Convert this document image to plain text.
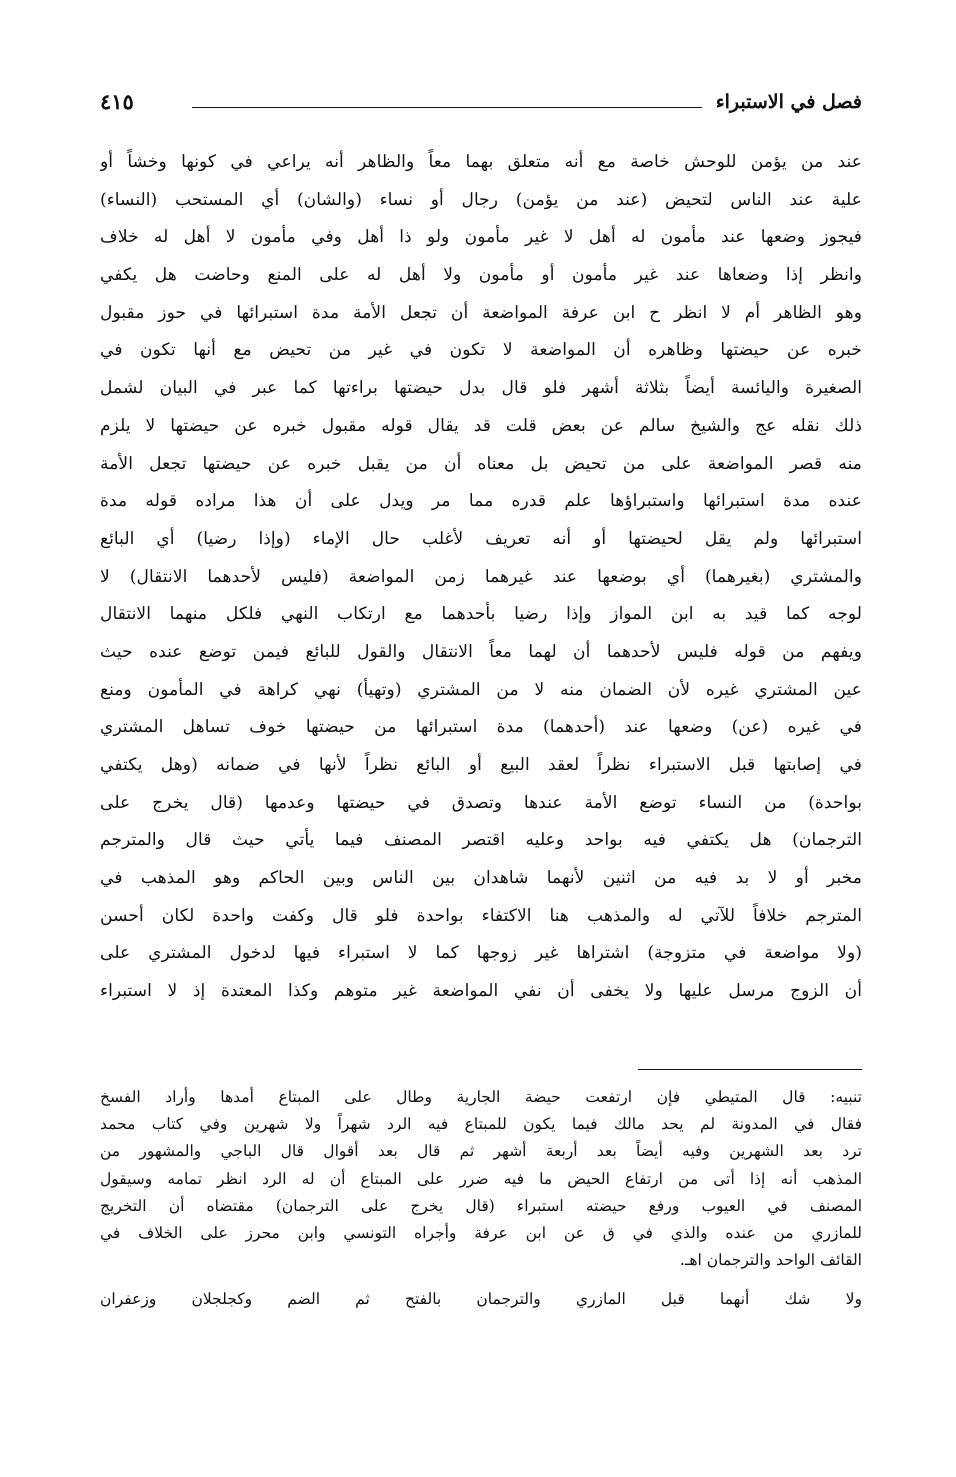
فصل في الاستبراء
٤١٥
عند من يؤمن للوحش خاصة مع أنه متعلق بهما معاً والظاهر أنه يراعي في كونها وخشاً أو
علية عند الناس لتحيض (عند من يؤمن) رجال أو نساء (والشان) أي المستحب (النساء)
فيجوز وضعها عند مأمون له أهل لا غير مأمون ولو ذا أهل وفي مأمون لا أهل له خلاف
وانظر إذا وضعاها عند غير مأمون أو مأمون ولا أهل له على المنع وحاضت هل يكفي
وهو الظاهر أم لا انظر ح ابن عرفة المواضعة أن تجعل الأمة مدة استبرائها في حوز مقبول
خبره عن حيضتها وظاهره أن المواضعة لا تكون في غير من تحيض مع أنها تكون في
الصغيرة واليائسة أيضاً بثلاثة أشهر فلو قال بدل حيضتها براءتها كما عبر في البيان لشمل
ذلك نقله عج والشيخ سالم عن بعض قلت قد يقال قوله مقبول خبره عن حيضتها لا يلزم
منه قصر المواضعة على من تحيض بل معناه أن من يقبل خبره عن حيضتها تجعل الأمة
عنده مدة استبرائها واستبراؤها علم قدره مما مر ويدل على أن هذا مراده قوله مدة
استبرائها ولم يقل لحيضتها أو أنه تعريف لأغلب حال الإماء (وإذا رضيا) أي البائع
والمشتري (بغيرهما) أي بوضعها عند غيرهما زمن المواضعة (فليس لأحدهما الانتقال) لا
لوجه كما قيد به ابن المواز وإذا رضيا بأحدهما مع ارتكاب النهي فلكل منهما الانتقال
ويفهم من قوله فليس لأحدهما أن لهما معاً الانتقال والقول للبائع فيمن توضع عنده حيث
عين المشتري غيره لأن الضمان منه لا من المشتري (وتهيأ) نهي كراهة في المأمون ومنع
في غيره (عن) وضعها عند (أحدهما) مدة استبرائها من حيضتها خوف تساهل المشتري
في إصابتها قبل الاستبراء نظراً لعقد البيع أو البائع نظراً لأنها في ضمانه (وهل يكتفي
بواحدة) من النساء توضع الأمة عندها وتصدق في حيضتها وعدمها (قال يخرج على
الترجمان) هل يكتفي فيه بواحد وعليه اقتصر المصنف فيما يأتي حيث قال والمترجم
مخبر أو لا بد فيه من اثنين لأنهما شاهدان بين الناس وبين الحاكم وهو المذهب في
المترجم خلافاً للآتي له والمذهب هنا الاكتفاء بواحدة فلو قال وكفت واحدة لكان أحسن
(ولا مواضعة في متزوجة) اشتراها غير زوجها كما لا استبراء فيها لدخول المشتري على
أن الزوج مرسل عليها ولا يخفى أن نفي المواضعة غير متوهم وكذا المعتدة إذ لا استبراء
تنبيه: قال المتيطي فإن ارتفعت حيضة الجارية وطال على المبتاع أمدها وأراد الفسخ
فقال في المدونة لم يحد مالك فيما يكون للمبتاع فيه الرد شهراً ولا شهرين وفي كتاب محمد
ترد بعد الشهرين وفيه أيضاً بعد أربعة أشهر ثم قال بعد أقوال قال الباجي والمشهور من
المذهب أنه إذا أتى من ارتفاع الحيض ما فيه ضرر على المبتاع أن له الرد انظر تمامه وسيقول
المصنف في العيوب ورفع حيضته استبراء (قال يخرج على الترجمان) مقتضاه أن التخريج
للمازري من عنده والذي في ق عن ابن عرفة وأجراه التونسي وابن محرز على الخلاف في
القائف الواحد والترجمان اهـ.
ولا شك أنهما قبل المازري والترجمان بالفتح ثم الضم وكجلجلان وزعفران
